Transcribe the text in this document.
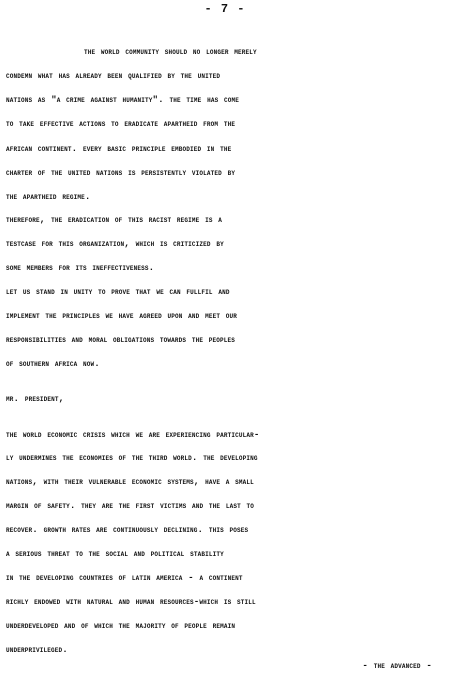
- 7 -
the world community should no longer merely
condemn what has already been qualified by the united
nations as "a crime against humanity". the time has come
to take effective actions to eradicate apartheid from the
african continent. every basic principle embodied in the
charter of the united nations is persistently violated by
the apartheid regime.
therefore, the eradication of this racist regime is a
testcase for this organization, which is criticized by
some members for its ineffectiveness.
let us stand in unity to prove that we can fullfil and
implement the principles we have agreed upon and meet our
responsibilities and moral obligations towards the peoples
of southern africa now.
mr. president,
the world economic crisis which we are experiencing particular-
ly undermines the economies of the third world. the developing
nations, with their vulnerable economic systems, have a small
margin of safety. they are the first victims and the last to
recover. growth rates are continuously declining. this poses
a serious threat to the social and political stability
in the developing countries of latin america - a continent
richly endowed with natural and human resources-which is still
underdeveloped and of which the majority of people remain
underprivileged.
- the advanced -
